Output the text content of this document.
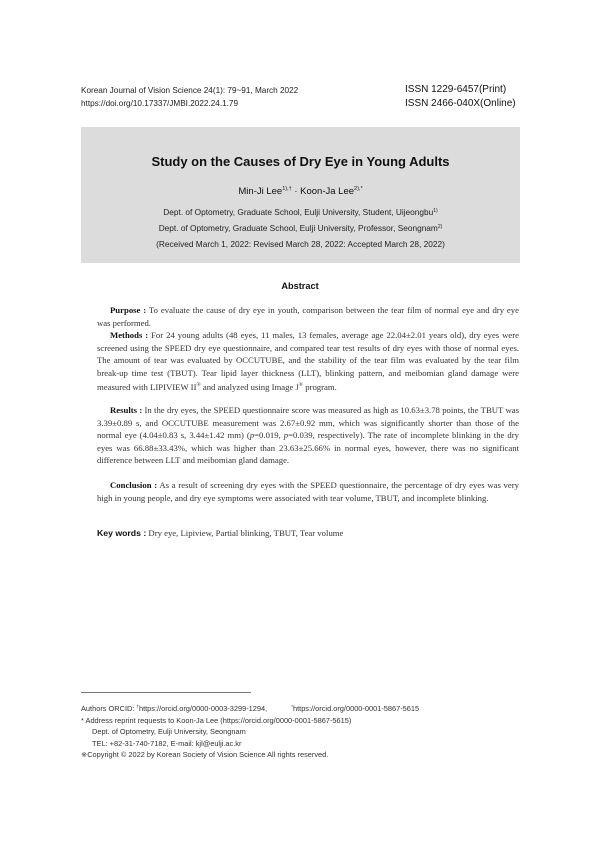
Korean Journal of Vision Science 24(1): 79~91, March 2022
https://doi.org/10.17337/JMBI.2022.24.1.79
ISSN 1229-6457(Print)
ISSN 2466-040X(Online)
Study on the Causes of Dry Eye in Young Adults
Min-Ji Lee$^{1),\dagger}$ · Koon-Ja Lee$^{2),*}$
Dept. of Optometry, Graduate School, Eulji University, Student, Uijeongbu$^{1)}$
Dept. of Optometry, Graduate School, Eulji University, Professor, Seongnam$^{2)}$
(Received March 1, 2022: Revised March 28, 2022: Accepted March 28, 2022)
Abstract
Purpose : To evaluate the cause of dry eye in youth, comparison between the tear film of normal eye and dry eye was performed.
Methods : For 24 young adults (48 eyes, 11 males, 13 females, average age 22.04±2.01 years old), dry eyes were screened using the SPEED dry eye questionnaire, and compared tear test results of dry eyes with those of normal eyes. The amount of tear was evaluated by OCCUTUBE, and the stability of the tear film was evaluated by the tear film break-up time test (TBUT). Tear lipid layer thickness (LLT), blinking pattern, and meibomian gland damage were measured with LIPIVIEW II® and analyzed using Image J® program.
Results : In the dry eyes, the SPEED questionnaire score was measured as high as 10.63±3.78 points, the TBUT was 3.39±0.89 s, and OCCUTUBE measurement was 2.67±0.92 mm, which was significantly shorter than those of the normal eye (4.04±0.83 s, 3.44±1.42 mm) (p=0.019, p=0.039, respectively). The rate of incomplete blinking in the dry eyes was 66.88±33.43%, which was higher than 23.63±25.66% in normal eyes, however, there was no significant difference between LLT and meibomian gland damage.
Conclusion : As a result of screening dry eyes with the SPEED questionnaire, the percentage of dry eyes was very high in young people, and dry eye symptoms were associated with tear volume, TBUT, and incomplete blinking.
Key words : Dry eye, Lipiview, Partial blinking, TBUT, Tear volume
Authors ORCID: †https://orcid.org/0000-0003-3299-1294,	*https://orcid.org/0000-0001-5867-5615
* Address reprint requests to Koon-Ja Lee (https://orcid.org/0000-0001-5867-5615)
Dept. of Optometry, Eulji University, Seongnam
TEL: +82-31-740-7182, E-mail: kjl@eulji.ac.kr
※Copyright © 2022 by Korean Society of Vision Science All rights reserved.
